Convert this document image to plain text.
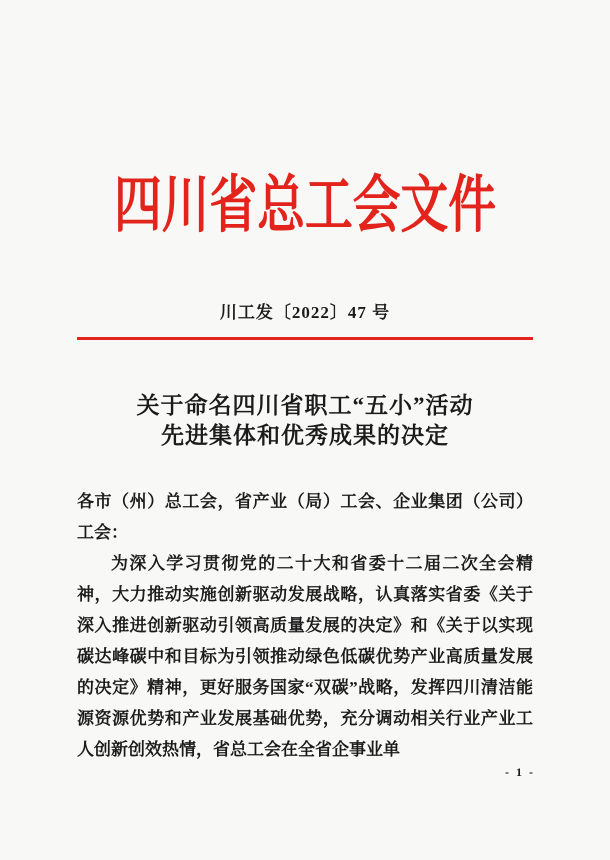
四川省总工会文件
川工发〔2022〕47 号
关于命名四川省职工“五小”活动
先进集体和优秀成果的决定

各市（州）总工会，省产业（局）工会、企业集团（公司）工会：

为深入学习贯彻党的二十大和省委十二届二次全会精神，大力推动实施创新驱动发展战略，认真落实省委《关于深入推进创新驱动引领高质量发展的决定》和《关于以实现碳达峰碳中和目标为引领推动绿色低碳优势产业高质量发展的决定》精神，更好服务国家“双碳”战略，发挥四川清洁能源资源优势和产业发展基础优势，充分调动相关行业产业工人创新创效热情，省总工会在全省企事业单

- 1 -
